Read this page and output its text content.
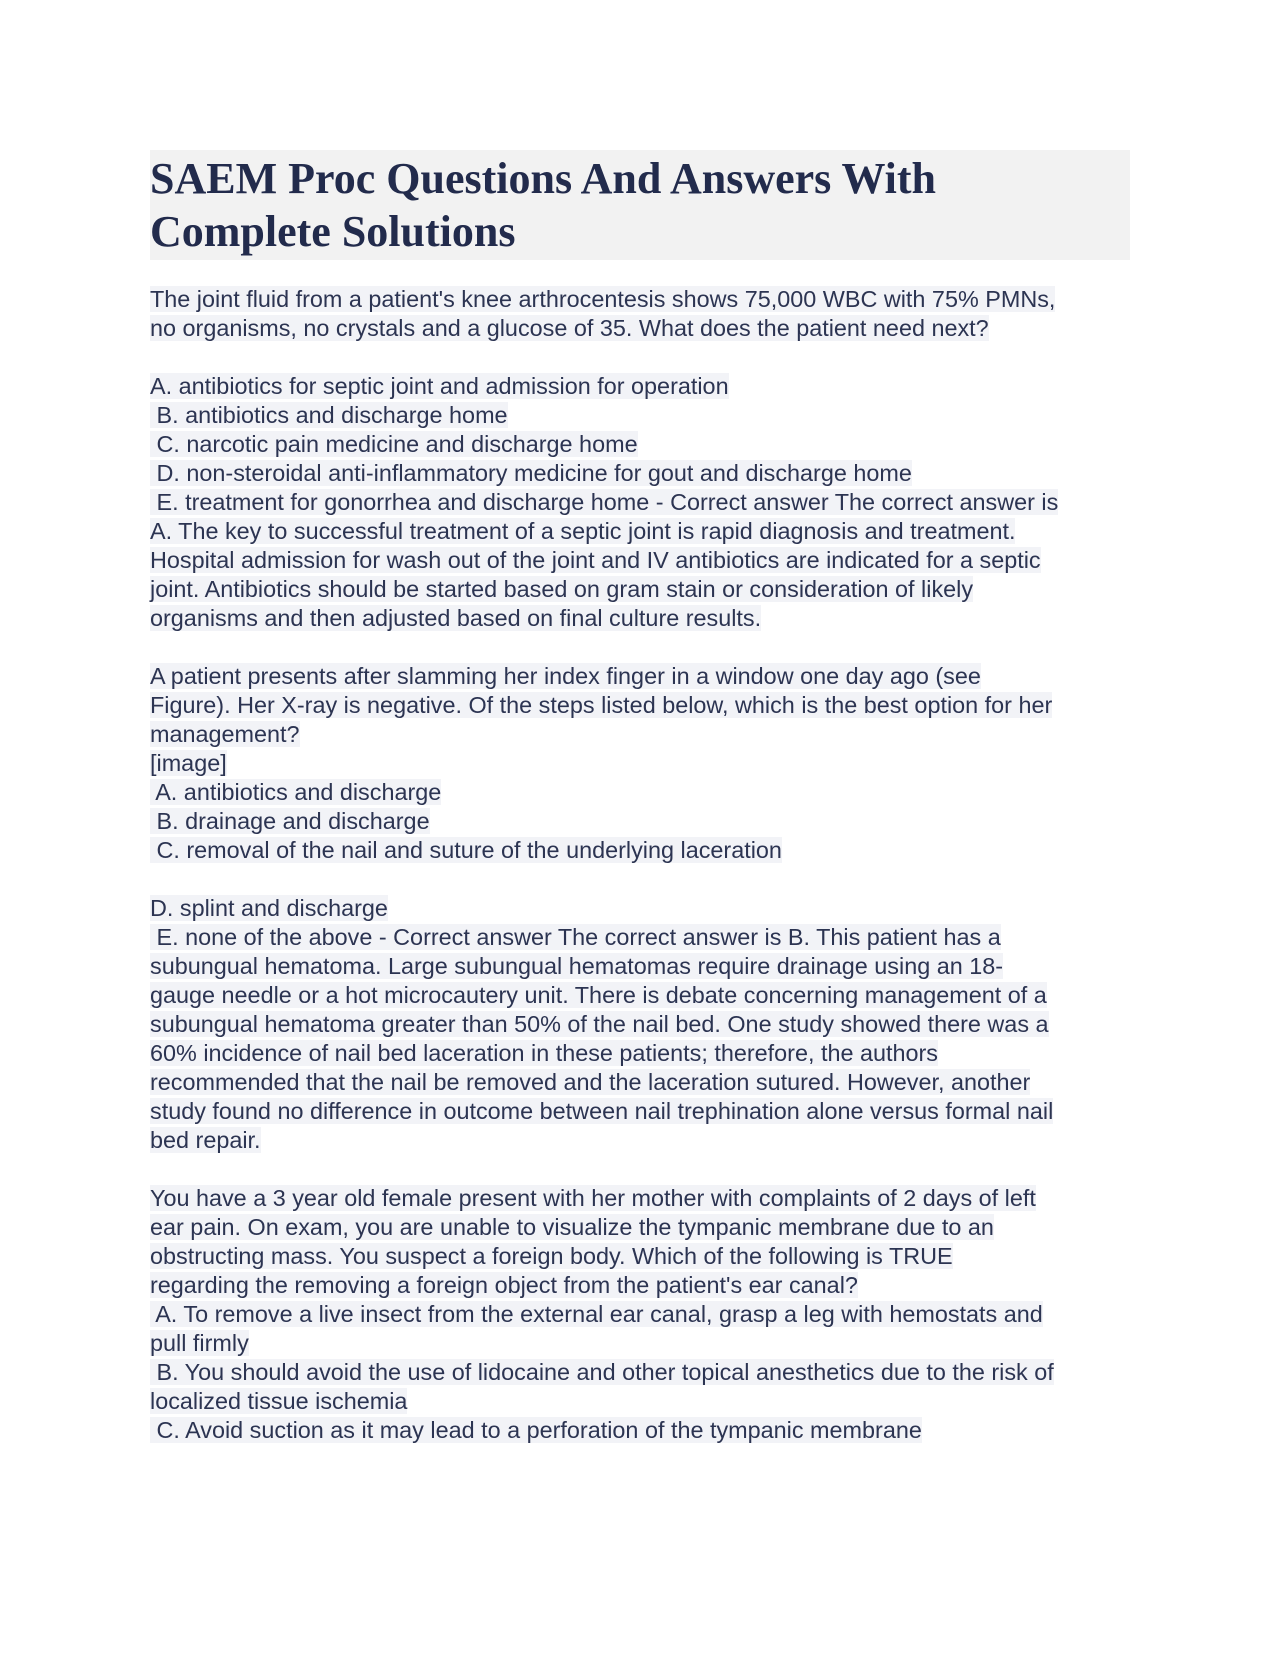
SAEM Proc Questions And Answers With
Complete Solutions
The joint fluid from a patient's knee arthrocentesis shows 75,000 WBC with 75% PMNs,
no organisms, no crystals and a glucose of 35. What does the patient need next?
A. antibiotics for septic joint and admission for operation
B. antibiotics and discharge home
C. narcotic pain medicine and discharge home
D. non-steroidal anti-inflammatory medicine for gout and discharge home
E. treatment for gonorrhea and discharge home - Correct answer The correct answer is
A. The key to successful treatment of a septic joint is rapid diagnosis and treatment.
Hospital admission for wash out of the joint and IV antibiotics are indicated for a septic
joint. Antibiotics should be started based on gram stain or consideration of likely
organisms and then adjusted based on final culture results.
A patient presents after slamming her index finger in a window one day ago (see
Figure). Her X-ray is negative. Of the steps listed below, which is the best option for her
management?
[image]
A. antibiotics and discharge
B. drainage and discharge
C. removal of the nail and suture of the underlying laceration
D. splint and discharge
E. none of the above - Correct answer The correct answer is B. This patient has a
subungual hematoma. Large subungual hematomas require drainage using an 18-
gauge needle or a hot microcautery unit. There is debate concerning management of a
subungual hematoma greater than 50% of the nail bed. One study showed there was a
60% incidence of nail bed laceration in these patients; therefore, the authors
recommended that the nail be removed and the laceration sutured. However, another
study found no difference in outcome between nail trephination alone versus formal nail
bed repair.
You have a 3 year old female present with her mother with complaints of 2 days of left
ear pain. On exam, you are unable to visualize the tympanic membrane due to an
obstructing mass. You suspect a foreign body. Which of the following is TRUE
regarding the removing a foreign object from the patient's ear canal?
A. To remove a live insect from the external ear canal, grasp a leg with hemostats and
pull firmly
B. You should avoid the use of lidocaine and other topical anesthetics due to the risk of
localized tissue ischemia
C. Avoid suction as it may lead to a perforation of the tympanic membrane
